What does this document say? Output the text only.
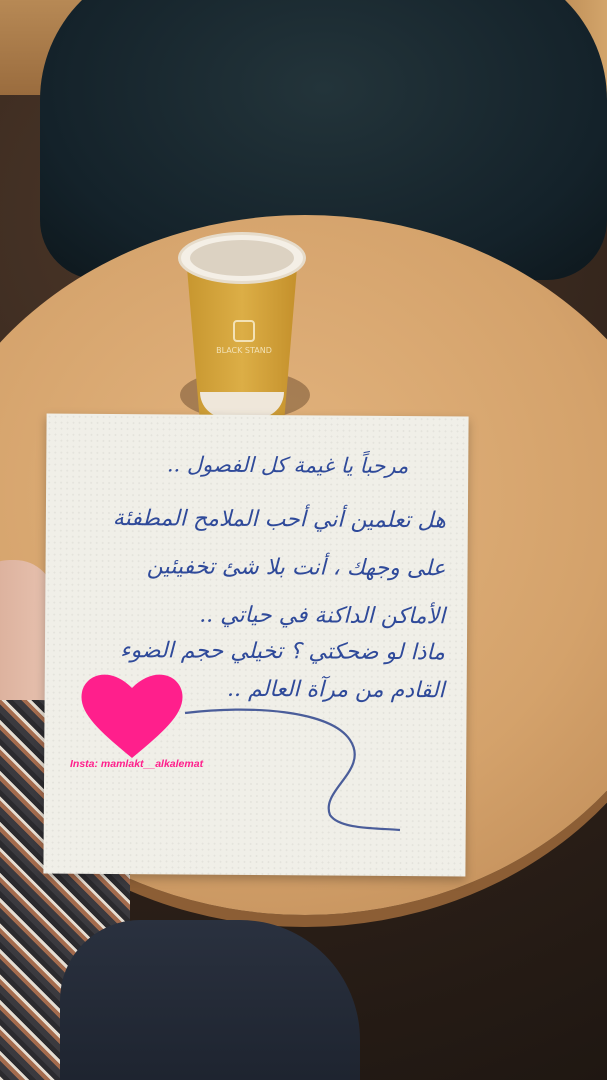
BLACK STAND
مرحباً يا غيمة كل الفصول ..
هل تعلمين أني أحب الملامح المطفئة
على وجهك ، أنت بلا شئ تخفيئين
الأماكن الداكنة في حياتي ..
ماذا لو ضحكتي ؟ تخيلي حجم الضوء
القادم من مرآة العالم ..
Insta: mamlakt__alkalemat
